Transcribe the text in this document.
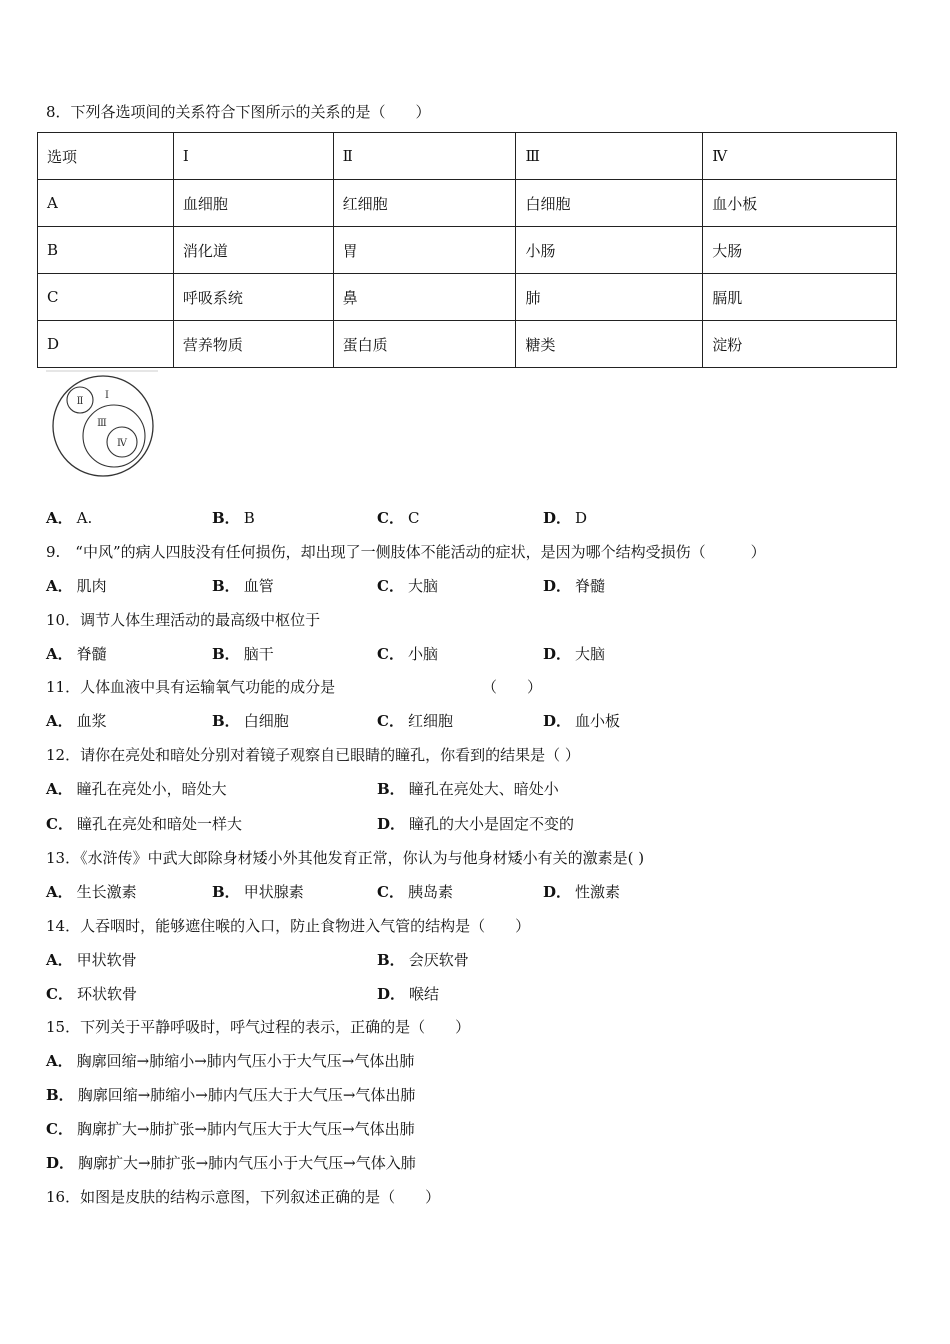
8．下列各选项间的关系符合下图所示的关系的是（　　）
选项	Ⅰ	Ⅱ	Ⅲ	Ⅳ
A	血细胞	红细胞	白细胞	血小板
B	消化道	胃	小肠	大肠
C	呼吸系统	鼻	肺	膈肌
D	营养物质	蛋白质	糖类	淀粉
Ⅱ
Ⅰ
Ⅲ
Ⅳ
A． A.	B． B	C． C	D． D
9.　“中风”的病人四肢没有任何损伤，却出现了一侧肢体不能活动的症状，是因为哪个结构受损伤（　　　）
A． 肌肉	B． 血管	C． 大脑	D． 脊髓
10．调节人体生理活动的最高级中枢位于
A． 脊髓	B． 脑干	C． 小脑	D． 大脑
11．人体血液中具有运输氧气功能的成分是	（　　）
A． 血浆	B． 白细胞	C． 红细胞	D． 血小板
12．请你在亮处和暗处分别对着镜子观察自已眼睛的瞳孔，你看到的结果是（ ）
A． 瞳孔在亮处小，暗处大	B． 瞳孔在亮处大、暗处小
C． 瞳孔在亮处和暗处一样大	D． 瞳孔的大小是固定不变的
13．《水浒传》中武大郎除身材矮小外其他发育正常，你认为与他身材矮小有关的激素是( )
A． 生长激素	B． 甲状腺素	C． 胰岛素	D． 性激素
14．人吞咽时，能够遮住喉的入口，防止食物进入气管的结构是（　　）
A． 甲状软骨	B． 会厌软骨
C． 环状软骨	D． 喉结
15．下列关于平静呼吸时，呼气过程的表示，正确的是（　　）
A． 胸廓回缩→肺缩小→肺内气压小于大气压→气体出肺
B． 胸廓回缩→肺缩小→肺内气压大于大气压→气体出肺
C． 胸廓扩大→肺扩张→肺内气压大于大气压→气体出肺
D． 胸廓扩大→肺扩张→肺内气压小于大气压→气体入肺
16．如图是皮肤的结构示意图，下列叙述正确的是（　　）
